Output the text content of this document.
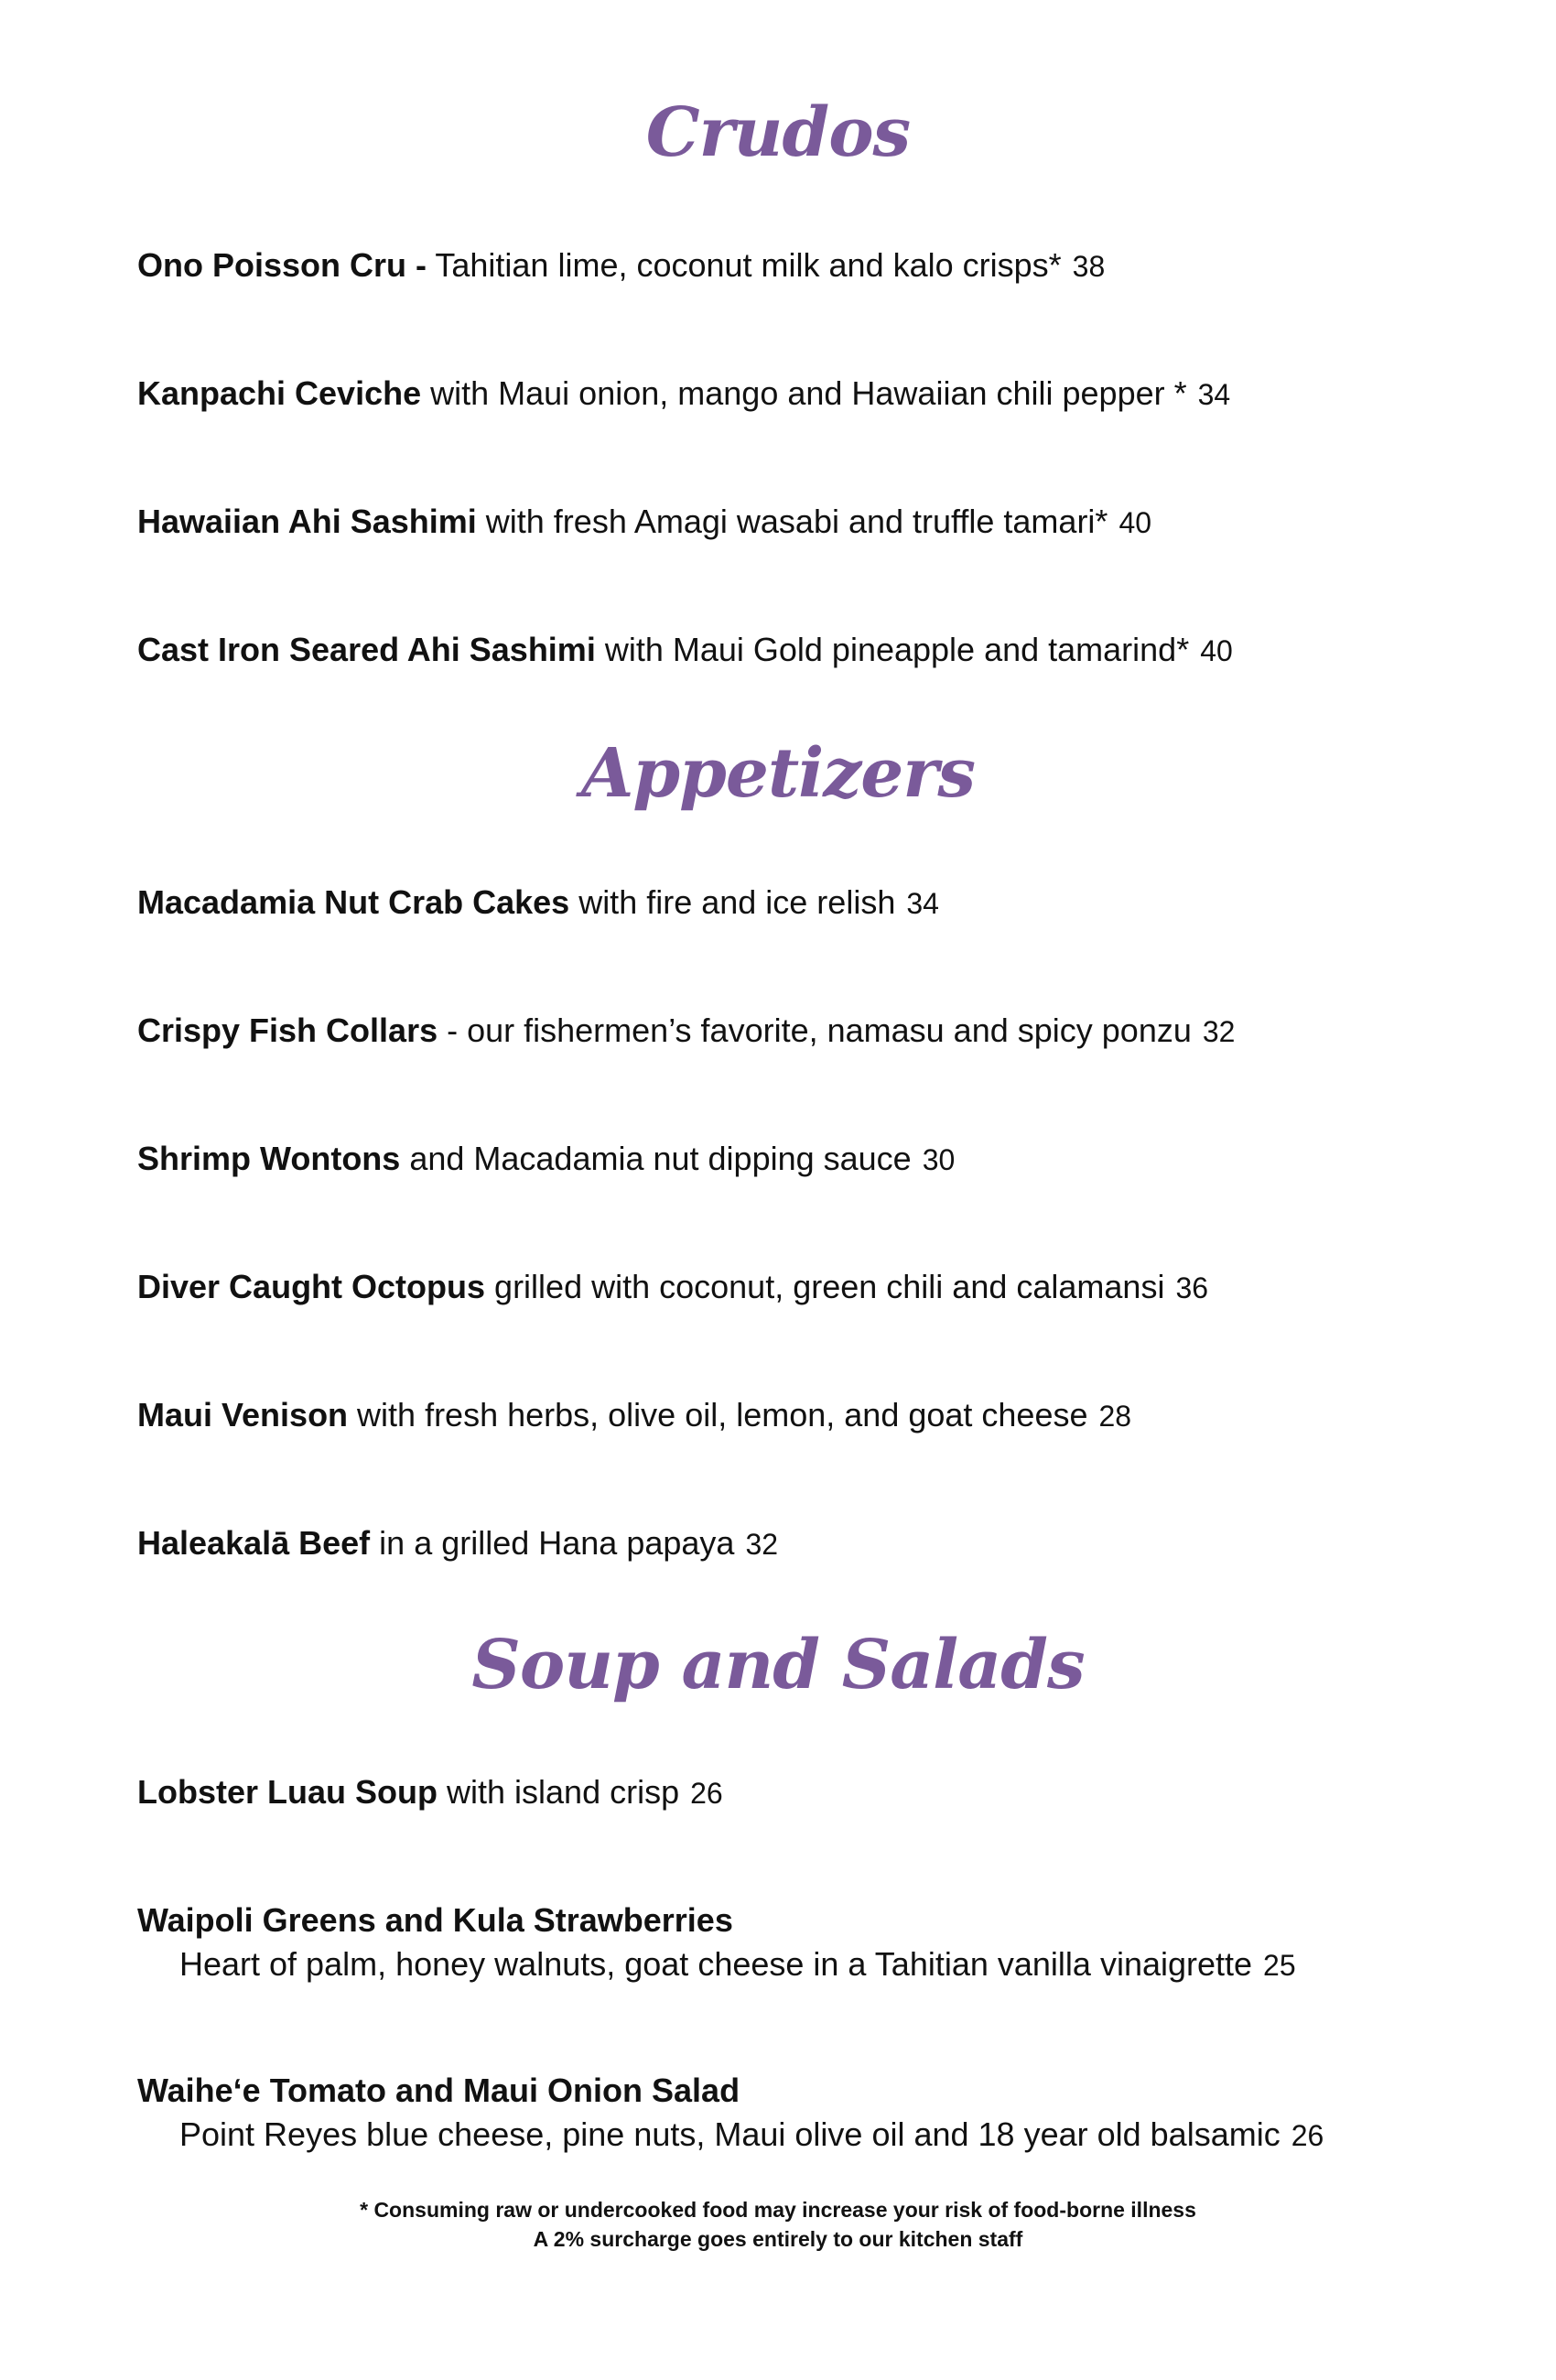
Crudos
Ono Poisson Cru - Tahitian lime, coconut milk and kalo crisps* 38
Kanpachi Ceviche with Maui onion, mango and Hawaiian chili pepper * 34
Hawaiian Ahi Sashimi with fresh Amagi wasabi and truffle tamari* 40
Cast Iron Seared Ahi Sashimi with Maui Gold pineapple and tamarind* 40
Appetizers
Macadamia Nut Crab Cakes with fire and ice relish 34
Crispy Fish Collars - our fishermen’s favorite, namasu and spicy ponzu 32
Shrimp Wontons and Macadamia nut dipping sauce 30
Diver Caught Octopus grilled with coconut, green chili and calamansi 36
Maui Venison with fresh herbs, olive oil, lemon, and goat cheese 28
Haleakalā Beef in a grilled Hana papaya 32
Soup and Salads
Lobster Luau Soup with island crisp 26
Waipoli Greens and Kula Strawberries
Heart of palm, honey walnuts, goat cheese in a Tahitian vanilla vinaigrette 25
Waiheʻe Tomato and Maui Onion Salad
Point Reyes blue cheese, pine nuts, Maui olive oil and 18 year old balsamic 26
* Consuming raw or undercooked food may increase your risk of food-borne illness
A 2% surcharge goes entirely to our kitchen staff
